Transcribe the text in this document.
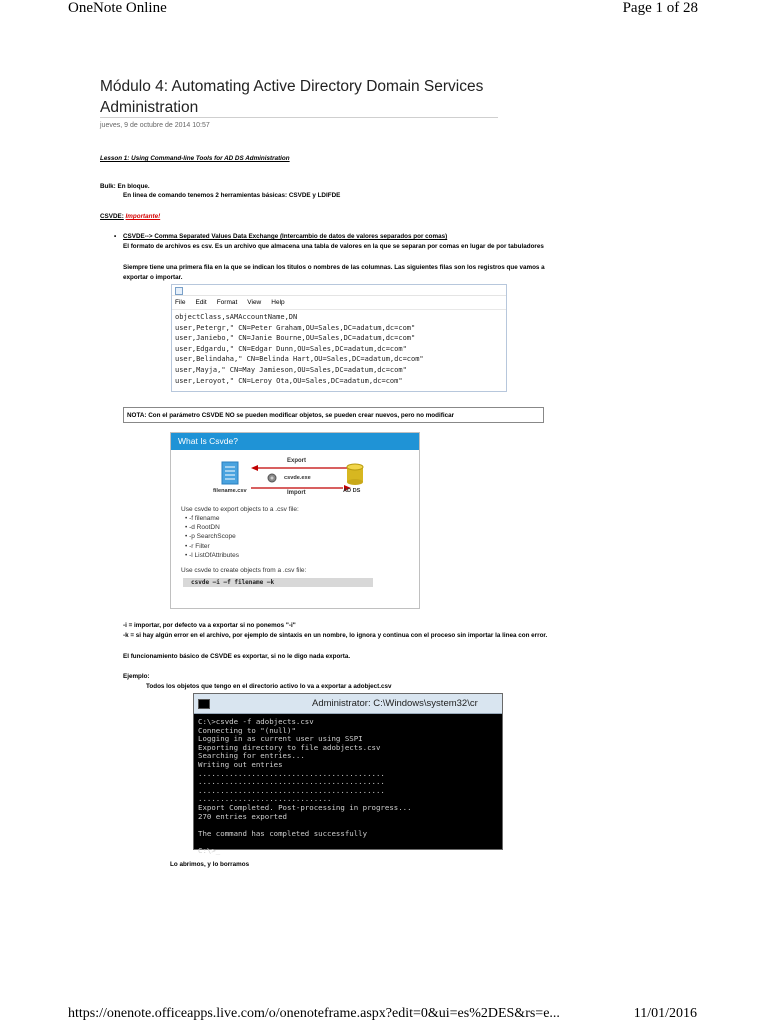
OneNote Online	Page 1 of 28
Módulo 4: Automating Active Directory Domain Services Administration
jueves, 9 de octubre de 2014 10:57
Lesson 1: Using Command-line Tools for AD DS Administration
Bulk: En bloque.
En linea de comando tenemos 2 herramientas básicas: CSVDE y LDIFDE
CSVDE: Importante!
• CSVDE--> Comma Separated Values Data Exchange (Intercambio de datos de valores separados por comas)
El formato de archivos es csv. Es un archivo que almacena una tabla de valores en la que se separan por comas en lugar de por tabuladores
Siempre tiene una primera fila en la que se indican los titulos o nombres de las columnas. Las siguientes filas son los registros que vamos a
exportar o importar.
File Edit Format View Help
objectClass,sAMAccountName,DN
user,Petergr," CN=Peter Graham,OU=Sales,DC=adatum,dc=com"
user,Janiebo," CN=Janie Bourne,OU=Sales,DC=adatum,dc=com"
user,Edgardu," CN=Edgar Dunn,OU=Sales,DC=adatum,dc=com"
user,Belindaha," CN=Belinda Hart,OU=Sales,DC=adatum,dc=com"
user,Mayja," CN=May Jamieson,OU=Sales,DC=adatum,dc=com"
user,Leroyot," CN=Leroy Ota,OU=Sales,DC=adatum,dc=com"
NOTA: Con el parámetro CSVDE NO se pueden modificar objetos, se pueden crear nuevos, pero no modificar
What Is Csvde?
Export
Import
filename.csv
csvde.exe
AD DS
Use csvde to export objects to a .csv file:
• -f filename
• -d RootDN
• -p SearchScope
• -r Filter
• -l ListOfAttributes
Use csvde to create objects from a .csv file:
csvde –i –f filename –k
-i = importar, por defecto va a exportar si no ponemos "-i"
-k = si hay algún error en el archivo, por ejemplo de sintaxis en un nombre, lo ignora y continua con el proceso sin importar la linea con error.
El funcionamiento básico de CSVDE es exportar, si no le digo nada exporta.
Ejemplo:
Todos los objetos que tengo en el directorio activo lo va a exportar a adobject.csv
Administrator: C:\Windows\system32\cr
C:\>csvde -f adobjects.csv
Connecting to "(null)"
Logging in as current user using SSPI
Exporting directory to file adobjects.csv
Searching for entries...
Writing out entries
..........................................
..........................................
..........................................
..............................
Export Completed. Post-processing in progress...
270 entries exported

The command has completed successfully

C:\>_
Lo abrimos, y lo borramos
https://onenote.officeapps.live.com/o/onenoteframe.aspx?edit=0&ui=es%2DES&rs=e...	11/01/2016
